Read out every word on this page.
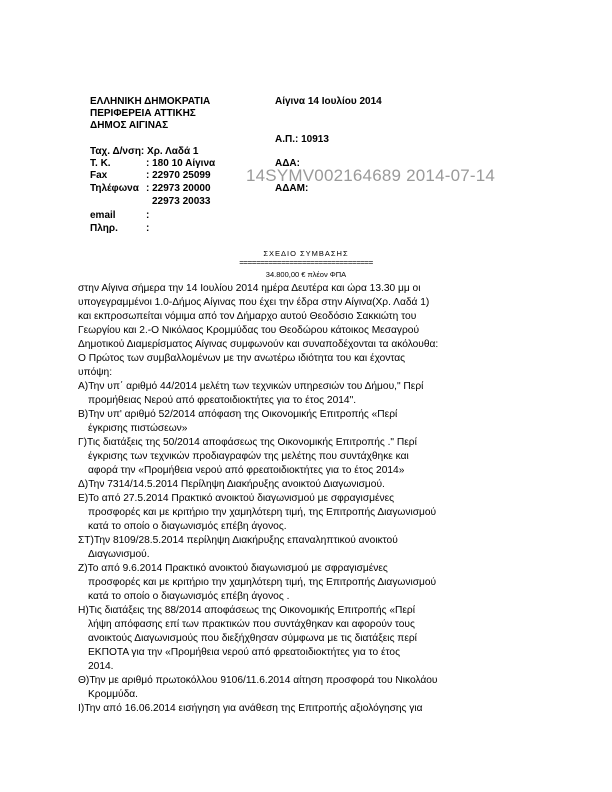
ΕΛΛΗΝΙΚΗ ΔΗΜΟΚΡΑΤΙΑ
ΠΕΡΙΦΕΡΕΙΑ ΑΤΤΙΚΗΣ
ΔΗΜΟΣ ΑΙΓΙΝΑΣ
Αίγινα 14 Ιουλίου 2014
Α.Π.: 10913
Ταχ. Δ/νση: Χρ. Λαδά 1
Τ. Κ.	: 180 10 Αίγινα
Fax	: 22970 25099
Τηλέφωνα : 22973 20000
22973 20033
email	:
Πληρ.	:
ΑΔΑ:
ΑΔΑΜ:
14SYMV002164689 2014-07-14
ΣΧΕΔΙΟ ΣΥΜΒΑΣΗΣ
================================
34.800,00 € πλέον ΦΠΑ
στην Αίγινα σήμερα την 14 Ιουλίου 2014 ημέρα Δευτέρα και ώρα 13.30 μμ οι
υπογεγραμμένοι 1.0-Δήμος Αίγινας που έχει την έδρα στην Αίγινα(Χρ. Λαδά 1)
και εκπροσωπείται νόμιμα από τον Δήμαρχο αυτού Θεοδόσιο Σακκιώτη του
Γεωργίου και 2.-Ο Νικόλαος Κρομμύδας του Θεοδώρου κάτοικος Μεσαγρού
Δημοτικού Διαμερίσματος Αίγινας συμφωνούν και συναποδέχονται τα ακόλουθα:
Ο Πρώτος των συμβαλλομένων με την ανωτέρω ιδιότητα του και έχοντας
υπόψη:
Α)Την υπ΄ αριθμό 44/2014 μελέτη των τεχνικών υπηρεσιών του Δήμου," Περί
προμήθειας Νερού από φρεατοιδιοκτήτες για το έτος 2014".
Β)Την υπ' αριθμό 52/2014 απόφαση της Οικονομικής Επιτροπής «Περί
έγκρισης πιστώσεων»
Γ)Τις διατάξεις της 50/2014 αποφάσεως της Οικονομικής Επιτροπής ." Περί
έγκρισης των τεχνικών προδιαγραφών της μελέτης που συντάχθηκε και
αφορά την «Προμήθεια νερού από φρεατοιδιοκτήτες για το έτος 2014»
Δ)Την 7314/14.5.2014 Περίληψη Διακήρυξης ανοικτού Διαγωνισμού.
Ε)Το από 27.5.2014 Πρακτικό ανοικτού διαγωνισμού με σφραγισμένες
προσφορές και με κριτήριο την χαμηλότερη τιμή, της Επιτροπής Διαγωνισμού
κατά το οποίο ο διαγωνισμός επέβη άγονος.
ΣΤ)Την 8109/28.5.2014 περίληψη Διακήρυξης επαναληπτικού ανοικτού
Διαγωνισμού.
Ζ)Το από 9.6.2014 Πρακτικό ανοικτού διαγωνισμού με σφραγισμένες
προσφορές και με κριτήριο την χαμηλότερη τιμή, της Επιτροπής Διαγωνισμού
κατά το οποίο ο διαγωνισμός επέβη άγονος .
Η)Τις διατάξεις της 88/2014 αποφάσεως της Οικονομικής Επιτροπής «Περί
λήψη απόφασης επί των πρακτικών που συντάχθηκαν και αφορούν τους
ανοικτούς Διαγωνισμούς που διεξήχθησαν σύμφωνα με τις διατάξεις περί
ΕΚΠΟΤΑ για την «Προμήθεια νερού από φρεατοιδιοκτήτες για το έτος
2014.
Θ)Την με αριθμό πρωτοκόλλου 9106/11.6.2014 αίτηση προσφορά του Νικολάου
Κρομμύδα.
Ι)Την από 16.06.2014 εισήγηση για ανάθεση της Επιτροπής αξιολόγησης για
